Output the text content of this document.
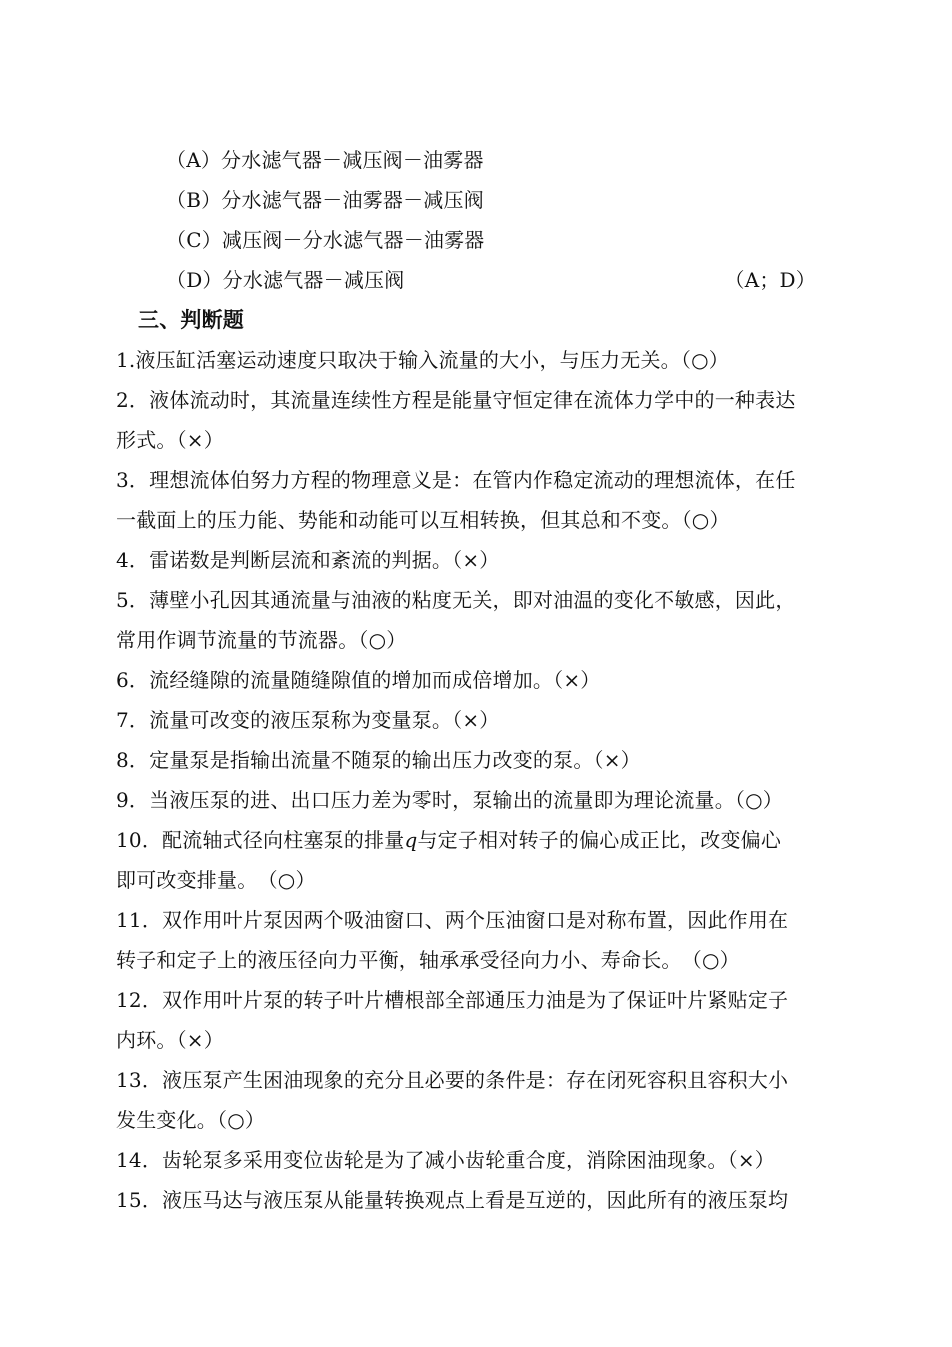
（A）分水滤气器－减压阀－油雾器
（B）分水滤气器－油雾器－减压阀
（C）减压阀－分水滤气器－油雾器
（D）分水滤气器－减压阀	（A；D）
三、判断题
1.液压缸活塞运动速度只取决于输入流量的大小，与压力无关。（○）
2．液体流动时，其流量连续性方程是能量守恒定律在流体力学中的一种表达
形式。（×）
3．理想流体伯努力方程的物理意义是：在管内作稳定流动的理想流体，在任
一截面上的压力能、势能和动能可以互相转换，但其总和不变。（○）
4．雷诺数是判断层流和紊流的判据。（×）
5．薄壁小孔因其通流量与油液的粘度无关，即对油温的变化不敏感，因此，
常用作调节流量的节流器。（○）
6．流经缝隙的流量随缝隙值的增加而成倍增加。（×）
7．流量可改变的液压泵称为变量泵。（×）
8．定量泵是指输出流量不随泵的输出压力改变的泵。（×）
9．当液压泵的进、出口压力差为零时，泵输出的流量即为理论流量。（○）
10．配流轴式径向柱塞泵的排量q与定子相对转子的偏心成正比，改变偏心
即可改变排量。　（○）
11．双作用叶片泵因两个吸油窗口、两个压油窗口是对称布置，因此作用在
转子和定子上的液压径向力平衡，轴承承受径向力小、寿命长。　（○）
12．双作用叶片泵的转子叶片槽根部全部通压力油是为了保证叶片紧贴定子
内环。（×）
13．液压泵产生困油现象的充分且必要的条件是：存在闭死容积且容积大小
发生变化。（○）
14．齿轮泵多采用变位齿轮是为了减小齿轮重合度，消除困油现象。（×）
15．液压马达与液压泵从能量转换观点上看是互逆的，因此所有的液压泵均
